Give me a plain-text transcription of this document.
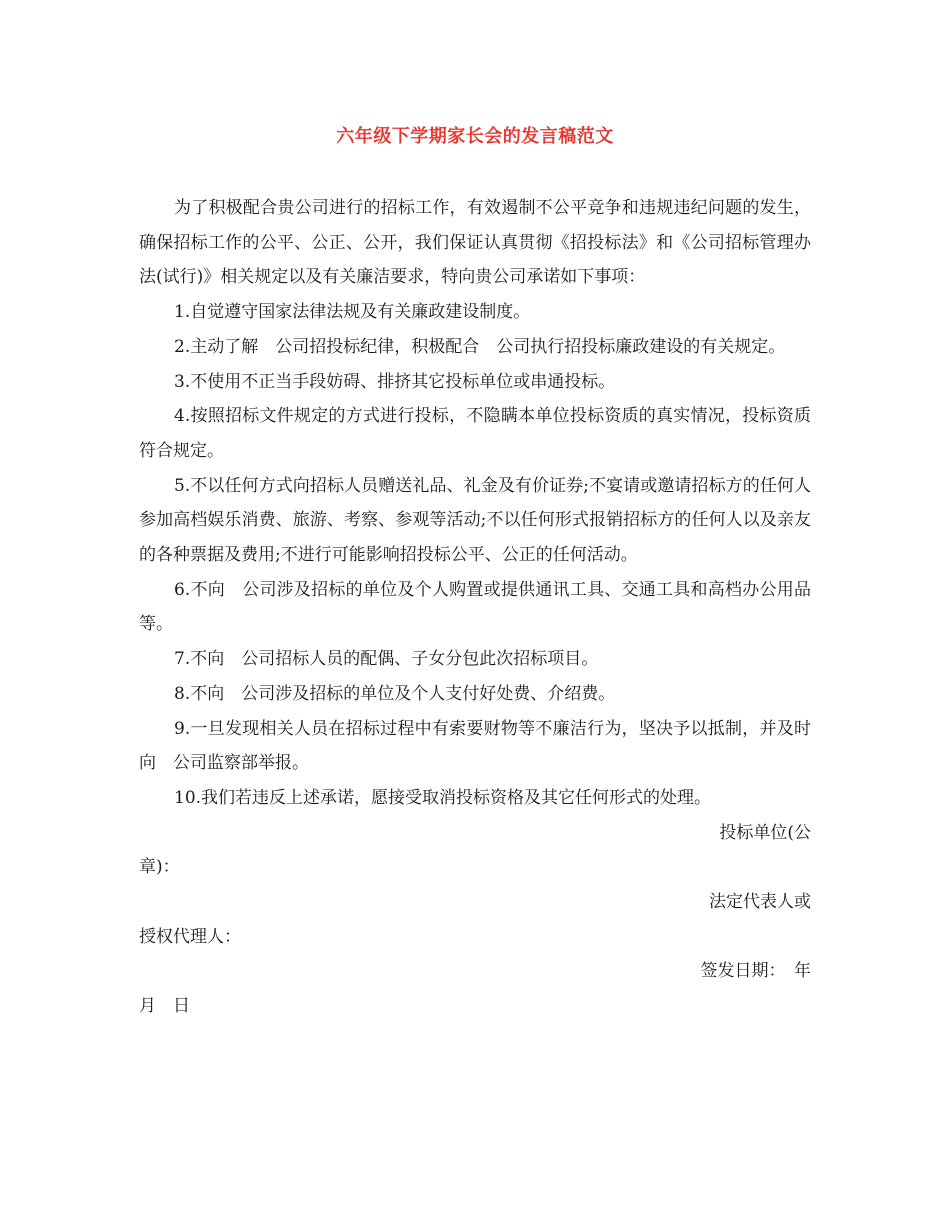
六年级下学期家长会的发言稿范文

为了积极配合贵公司进行的招标工作，有效遏制不公平竞争和违规违纪问题的发生，确保招标工作的公平、公正、公开，我们保证认真贯彻《招投标法》和《公司招标管理办法(试行)》相关规定以及有关廉洁要求，特向贵公司承诺如下事项：

1.自觉遵守国家法律法规及有关廉政建设制度。

2.主动了解　公司招投标纪律，积极配合　公司执行招投标廉政建设的有关规定。

3.不使用不正当手段妨碍、排挤其它投标单位或串通投标。

4.按照招标文件规定的方式进行投标，不隐瞒本单位投标资质的真实情况，投标资质符合规定。

5.不以任何方式向招标人员赠送礼品、礼金及有价证券;不宴请或邀请招标方的任何人参加高档娱乐消费、旅游、考察、参观等活动;不以任何形式报销招标方的任何人以及亲友的各种票据及费用;不进行可能影响招投标公平、公正的任何活动。

6.不向　公司涉及招标的单位及个人购置或提供通讯工具、交通工具和高档办公用品等。

7.不向　公司招标人员的配偶、子女分包此次招标项目。

8.不向　公司涉及招标的单位及个人支付好处费、介绍费。

9.一旦发现相关人员在招标过程中有索要财物等不廉洁行为，坚决予以抵制，并及时向　公司监察部举报。

10.我们若违反上述承诺，愿接受取消投标资格及其它任何形式的处理。

投标单位(公
章)：
法定代表人或
授权代理人：
签发日期：　年
月　日
